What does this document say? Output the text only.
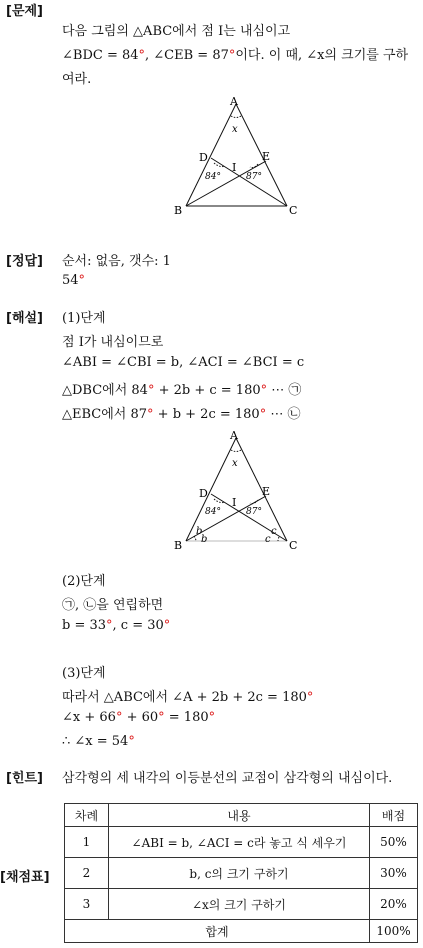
[문제]
다음 그림의 △ABC에서 점 I는 내심이고
∠BDC = 84°, ∠CEB = 87°이다. 이 때, ∠x의 크기를 구하
여라.
A
B	C
D	E
I
x
84°	87°
[정답] 순서: 없음, 갯수: 1
54°
[해설] (1)단계
점 I가 내심이므로
∠ABI = ∠CBI = b, ∠ACI = ∠BCI = c
△DBC에서 84° + 2b + c = 180° ⋯ ㉠
△EBC에서 87° + b + 2c = 180° ⋯ ㉡
A
B	C
D	E
I
x
84°	87°
b
b
c
c
(2)단계
㉠, ㉡을 연립하면
b = 33°, c = 30°
(3)단계
따라서 △ABC에서 ∠A + 2b + 2c = 180°
∠x + 66° + 60° = 180°
∴ ∠x = 54°
[힌트] 삼각형의 세 내각의 이등분선의 교점이 삼각형의 내심이다.
[채점표]
차례	내용	배점
1	∠ABI = b, ∠ACI = c라 놓고 식 세우기	50%
2	b, c의 크기 구하기	30%
3	∠x의 크기 구하기	20%
합계		100%
